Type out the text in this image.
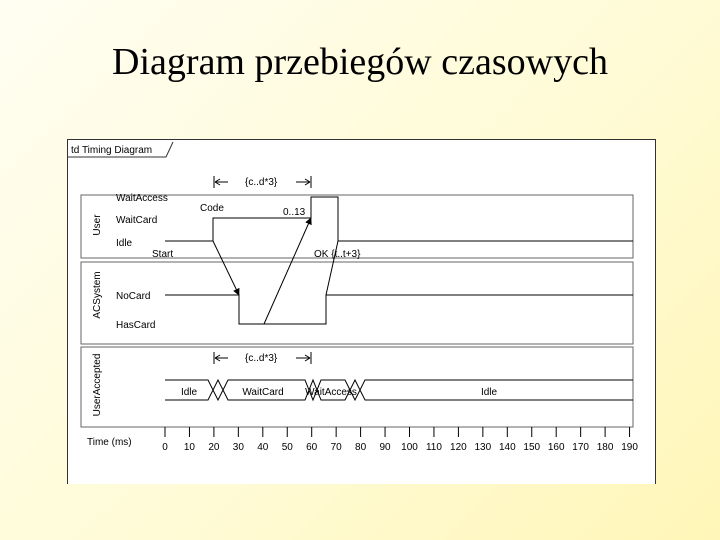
Diagram przebiegów czasowych
td Timing Diagram
User
ACSystem
UserAccepted
WaitAccess
WaitCard
Idle
NoCard
HasCard
Start
Code
OK {t..t+3}
{c..d*3}
0..13
{c..d*3}
Idle	WaitCard WaitAccess	Idle
Time (ms)	0 10 20 30 40 50 60 70 80 90 100 110 120 130 140 150 160 170 180 190
